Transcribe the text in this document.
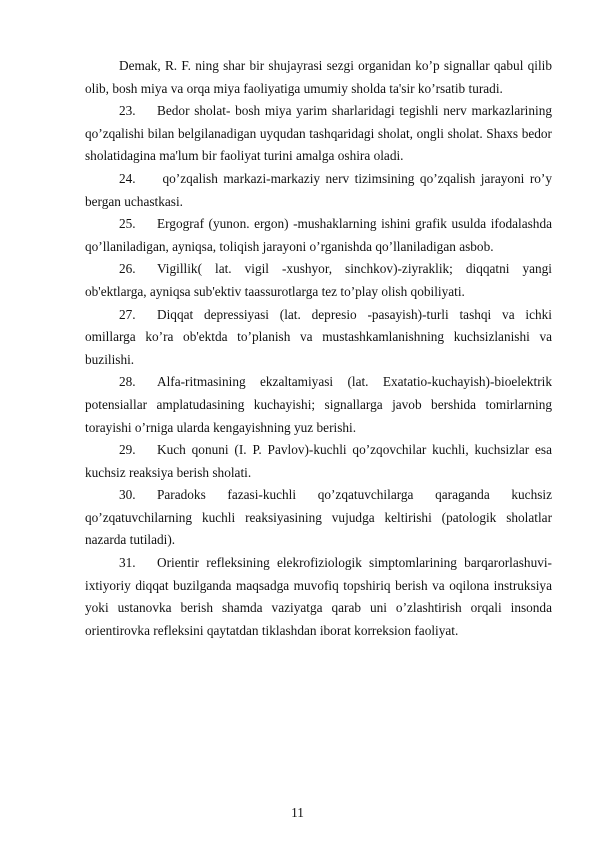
Demak, R. F. ning shar bir shujayrasi sezgi organidan ko’p signallar qabul qilib olib, bosh miya va orqa miya faoliyatiga umumiy sholda ta'sir ko’rsatib turadi.

23. Bedor sholat- bosh miya yarim sharlaridagi tegishli nerv markazlarining qo’zqalishi bilan belgilanadigan uyqudan tashqaridagi sholat, ongli sholat. Shaxs bedor sholatidagina ma'lum bir faoliyat turini amalga oshira oladi.

24. qo’zqalish markazi-markaziy nerv tizimsining qo’zqalish jarayoni ro’y bergan uchastkasi.

25. Ergograf (yunon. ergon) -mushaklarning ishini grafik usulda ifodalashda qo’llaniladigan, ayniqsa, toliqish jarayoni o’rganishda qo’llaniladigan asbob.

26. Vigillik( lat. vigil -xushyor, sinchkov)-ziyraklik; diqqatni yangi ob'ektlarga, ayniqsa sub'ektiv taassurotlarga tez to’play olish qobiliyati.

27. Diqqat depressiyasi (lat. depresio -pasayish)-turli tashqi va ichki omillarga ko’ra ob'ektda to’planish va mustashkamlanishning kuchsizlanishi va buzilishi.

28. Alfa-ritmasining ekzaltamiyasi (lat. Exatatio-kuchayish)-bioelektrik potensiallar amplatudasining kuchayishi; signallarga javob bershida tomirlarning torayishi o’rniga ularda kengayishning yuz berishi.

29. Kuch qonuni (I. P. Pavlov)-kuchli qo’zqovchilar kuchli, kuchsizlar esa kuchsiz reaksiya berish sholati.

30. Paradoks fazasi-kuchli qo’zqatuvchilarga qaraganda kuchsiz qo’zqatuvchilarning kuchli reaksiyasining vujudga keltirishi (patologik sholatlar nazarda tutiladi).

31. Orientir refleksining elekrofiziologik simptomlarining barqarorlashuvi-ixtiyoriy diqqat buzilganda maqsadga muvofiq topshiriq berish va oqilona instruksiya yoki ustanovka berish shamda vaziyatga qarab uni o’zlashtirish orqali insonda orientirovka refleksini qaytatdan tiklashdan iborat korreksion faoliyat.

11
